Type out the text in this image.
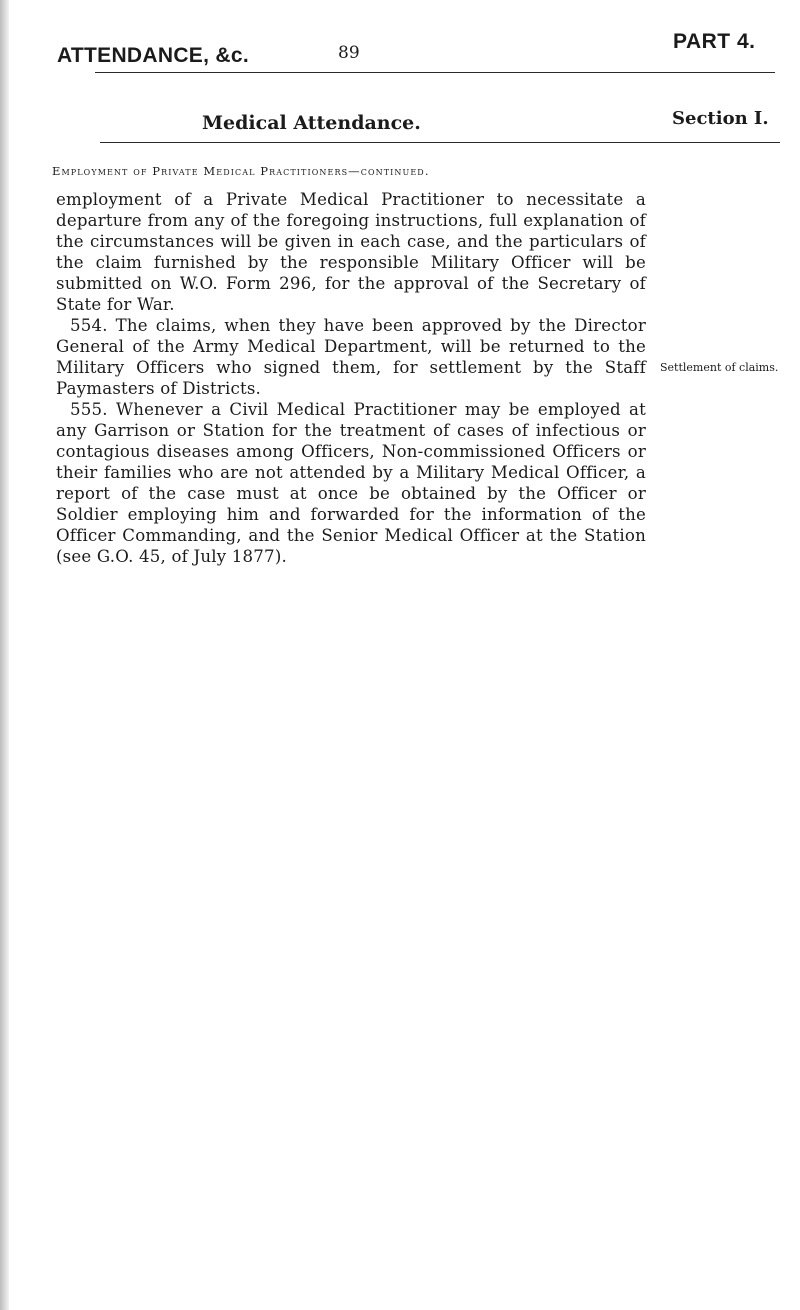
ATTENDANCE, &c.	89	PART 4.
Medical Attendance.	Section I.
Employment of Private Medical Practitioners—continued.

employment of a Private Medical Practitioner to necessitate a departure from any of the foregoing instructions, full explanation of the circumstances will be given in each case, and the particulars of the claim furnished by the responsible Military Officer will be submitted on W.O. Form 296, for the approval of the Secretary of State for War.

554. The claims, when they have been approved by the Director General of the Army Medical Department, will be returned to the Military Officers who signed them, for settlement by the Staff Paymasters of Districts.

555. Whenever a Civil Medical Practitioner may be employed at any Garrison or Station for the treatment of cases of infectious or contagious diseases among Officers, Non-commissioned Officers or their families who are not attended by a Military Medical Officer, a report of the case must at once be obtained by the Officer or Soldier employing him and forwarded for the information of the Officer Commanding, and the Senior Medical Officer at the Station (see G.O. 45, of July 1877).

Settlement of claims.
